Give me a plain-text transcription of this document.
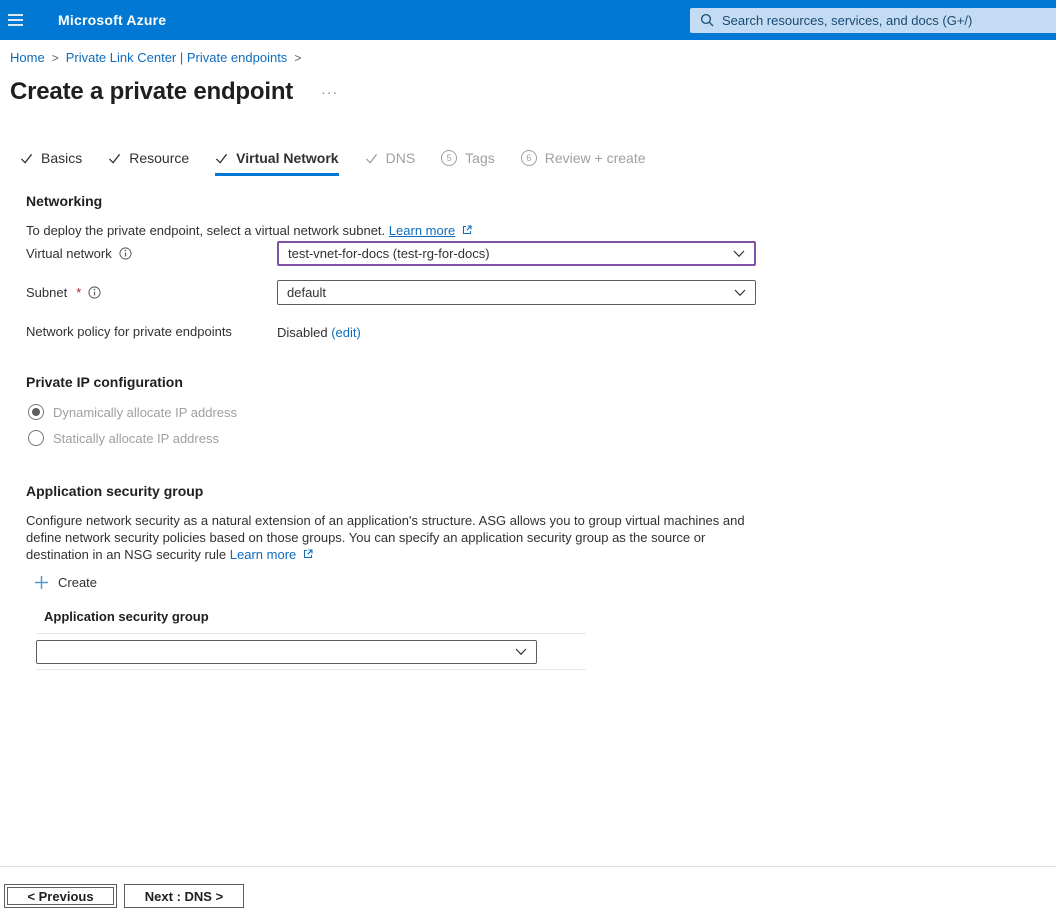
Microsoft Azure	Search resources, services, and docs (G+/)
Home > Private Link Center | Private endpoints >
Create a private endpoint ···
Basics	Resource	Virtual Network	DNS	5 Tags	6 Review + create
Networking
To deploy the private endpoint, select a virtual network subnet. Learn more
Virtual network	test-vnet-for-docs (test-rg-for-docs)
Subnet *	default
Network policy for private endpoints	Disabled (edit)
Private IP configuration
Dynamically allocate IP address
Statically allocate IP address
Application security group
Configure network security as a natural extension of an application's structure. ASG allows you to group virtual machines and define network security policies based on those groups. You can specify an application security group as the source or destination in an NSG security rule Learn more
Create
Application security group
< Previous	Next : DNS >
